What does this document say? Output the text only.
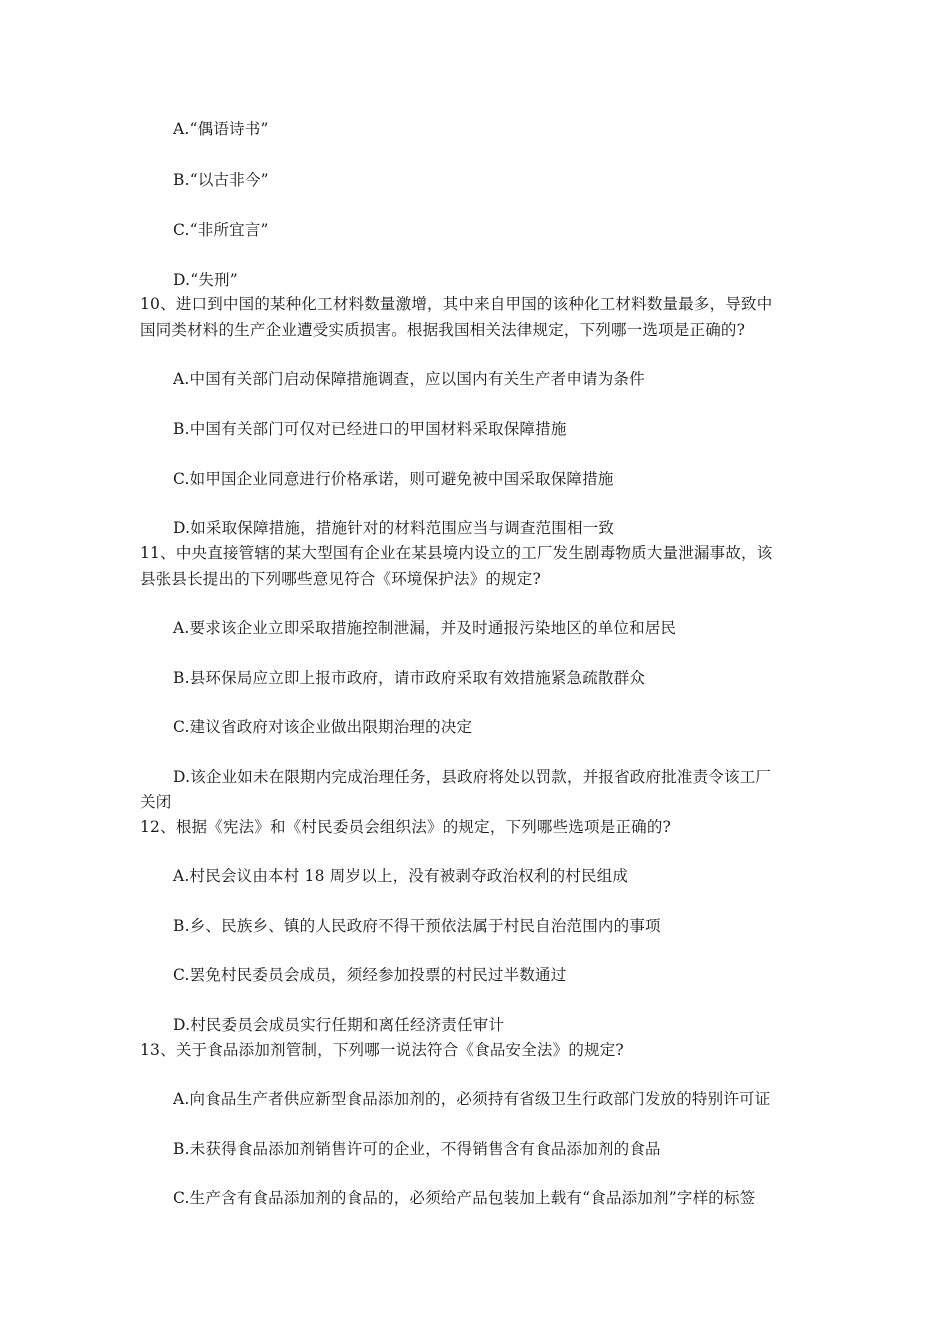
A.“偶语诗书”
B.“以古非今”
C.“非所宜言”
D.“失刑”
10、进口到中国的某种化工材料数量激增，其中来自甲国的该种化工材料数量最多，导致中
国同类材料的生产企业遭受实质损害。根据我国相关法律规定，下列哪一选项是正确的?
A.中国有关部门启动保障措施调查，应以国内有关生产者申请为条件
B.中国有关部门可仅对已经进口的甲国材料采取保障措施
C.如甲国企业同意进行价格承诺，则可避免被中国采取保障措施
D.如采取保障措施，措施针对的材料范围应当与调查范围相一致
11、中央直接管辖的某大型国有企业在某县境内设立的工厂发生剧毒物质大量泄漏事故，该
县张县长提出的下列哪些意见符合《环境保护法》的规定?
A.要求该企业立即采取措施控制泄漏，并及时通报污染地区的单位和居民
B.县环保局应立即上报市政府，请市政府采取有效措施紧急疏散群众
C.建议省政府对该企业做出限期治理的决定
D.该企业如未在限期内完成治理任务，县政府将处以罚款，并报省政府批准责令该工厂
关闭
12、根据《宪法》和《村民委员会组织法》的规定，下列哪些选项是正确的?
A.村民会议由本村 18 周岁以上，没有被剥夺政治权利的村民组成
B.乡、民族乡、镇的人民政府不得干预依法属于村民自治范围内的事项
C.罢免村民委员会成员，须经参加投票的村民过半数通过
D.村民委员会成员实行任期和离任经济责任审计
13、关于食品添加剂管制，下列哪一说法符合《食品安全法》的规定?
A.向食品生产者供应新型食品添加剂的，必须持有省级卫生行政部门发放的特别许可证
B.未获得食品添加剂销售许可的企业，不得销售含有食品添加剂的食品
C.生产含有食品添加剂的食品的，必须给产品包装加上载有“食品添加剂”字样的标签
